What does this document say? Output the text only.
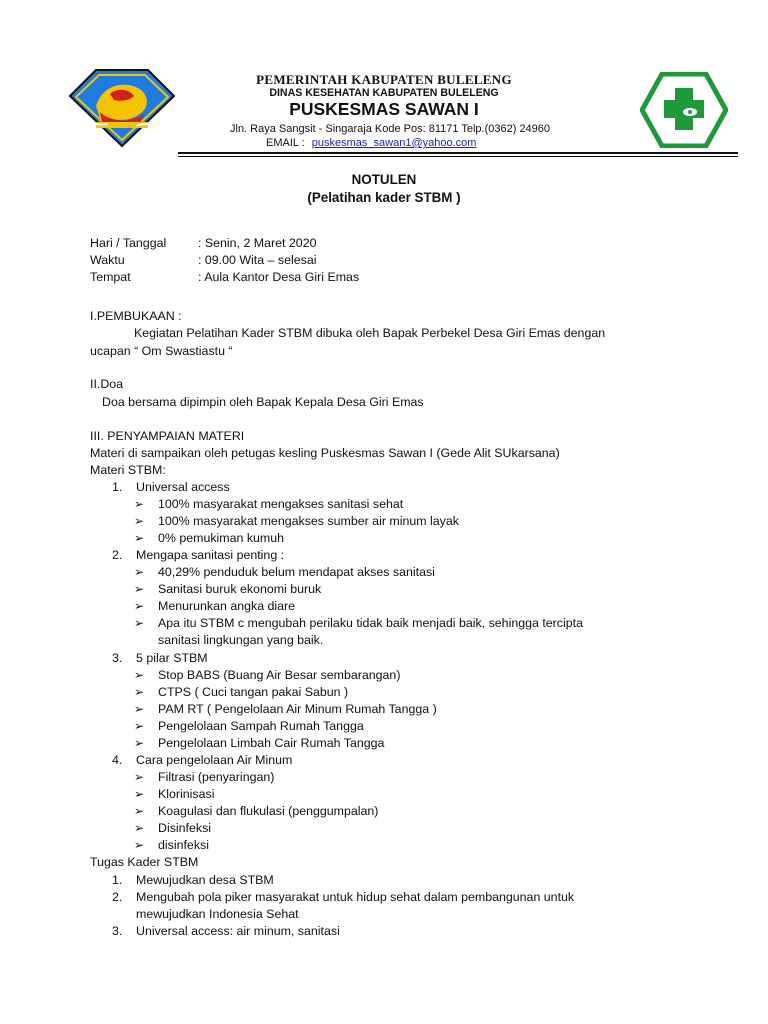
PEMERINTAH KABUPATEN BULELENG
DINAS KESEHATAN KABUPATEN BULELENG
PUSKESMAS SAWAN I
Jln. Raya Sangsit - Singaraja Kode Pos: 81171 Telp.(0362) 24960
EMAIL : puskesmas_sawan1@yahoo.com
NOTULEN
(Pelatihan kader STBM )
Hari / Tanggal	: Senin, 2 Maret 2020
Waktu	: 09.00 Wita – selesai
Tempat	: Aula Kantor Desa Giri Emas
I.PEMBUKAAN :
Kegiatan Pelatihan Kader STBM dibuka oleh Bapak Perbekel Desa Giri Emas dengan
ucapan “ Om Swastiastu “
II.Doa
Doa bersama dipimpin oleh Bapak Kepala Desa Giri Emas
III. PENYAMPAIAN MATERI
Materi di sampaikan oleh petugas kesling Puskesmas Sawan I (Gede Alit SUkarsana)
Materi STBM:
1. Universal access
➢ 100% masyarakat mengakses sanitasi sehat
➢ 100% masyarakat mengakses sumber air minum layak
➢ 0% pemukiman kumuh
2. Mengapa sanitasi penting :
➢ 40,29% penduduk belum mendapat akses sanitasi
➢ Sanitasi buruk ekonomi buruk
➢ Menurunkan angka diare
➢ Apa itu STBM c mengubah perilaku tidak baik menjadi baik, sehingga tercipta
sanitasi lingkungan yang baik.
3. 5 pilar STBM
➢ Stop BABS (Buang Air Besar sembarangan)
➢ CTPS ( Cuci tangan pakai Sabun )
➢ PAM RT ( Pengelolaan Air Minum Rumah Tangga )
➢ Pengelolaan Sampah Rumah Tangga
➢ Pengelolaan Limbah Cair Rumah Tangga
4. Cara pengelolaan Air Minum
➢ Filtrasi (penyaringan)
➢ Klorinisasi
➢ Koagulasi dan flukulasi (penggumpalan)
➢ Disinfeksi
➢ disinfeksi
Tugas Kader STBM
1. Mewujudkan desa STBM
2. Mengubah pola piker masyarakat untuk hidup sehat dalam pembangunan untuk
mewujudkan Indonesia Sehat
3. Universal access: air minum, sanitasi
